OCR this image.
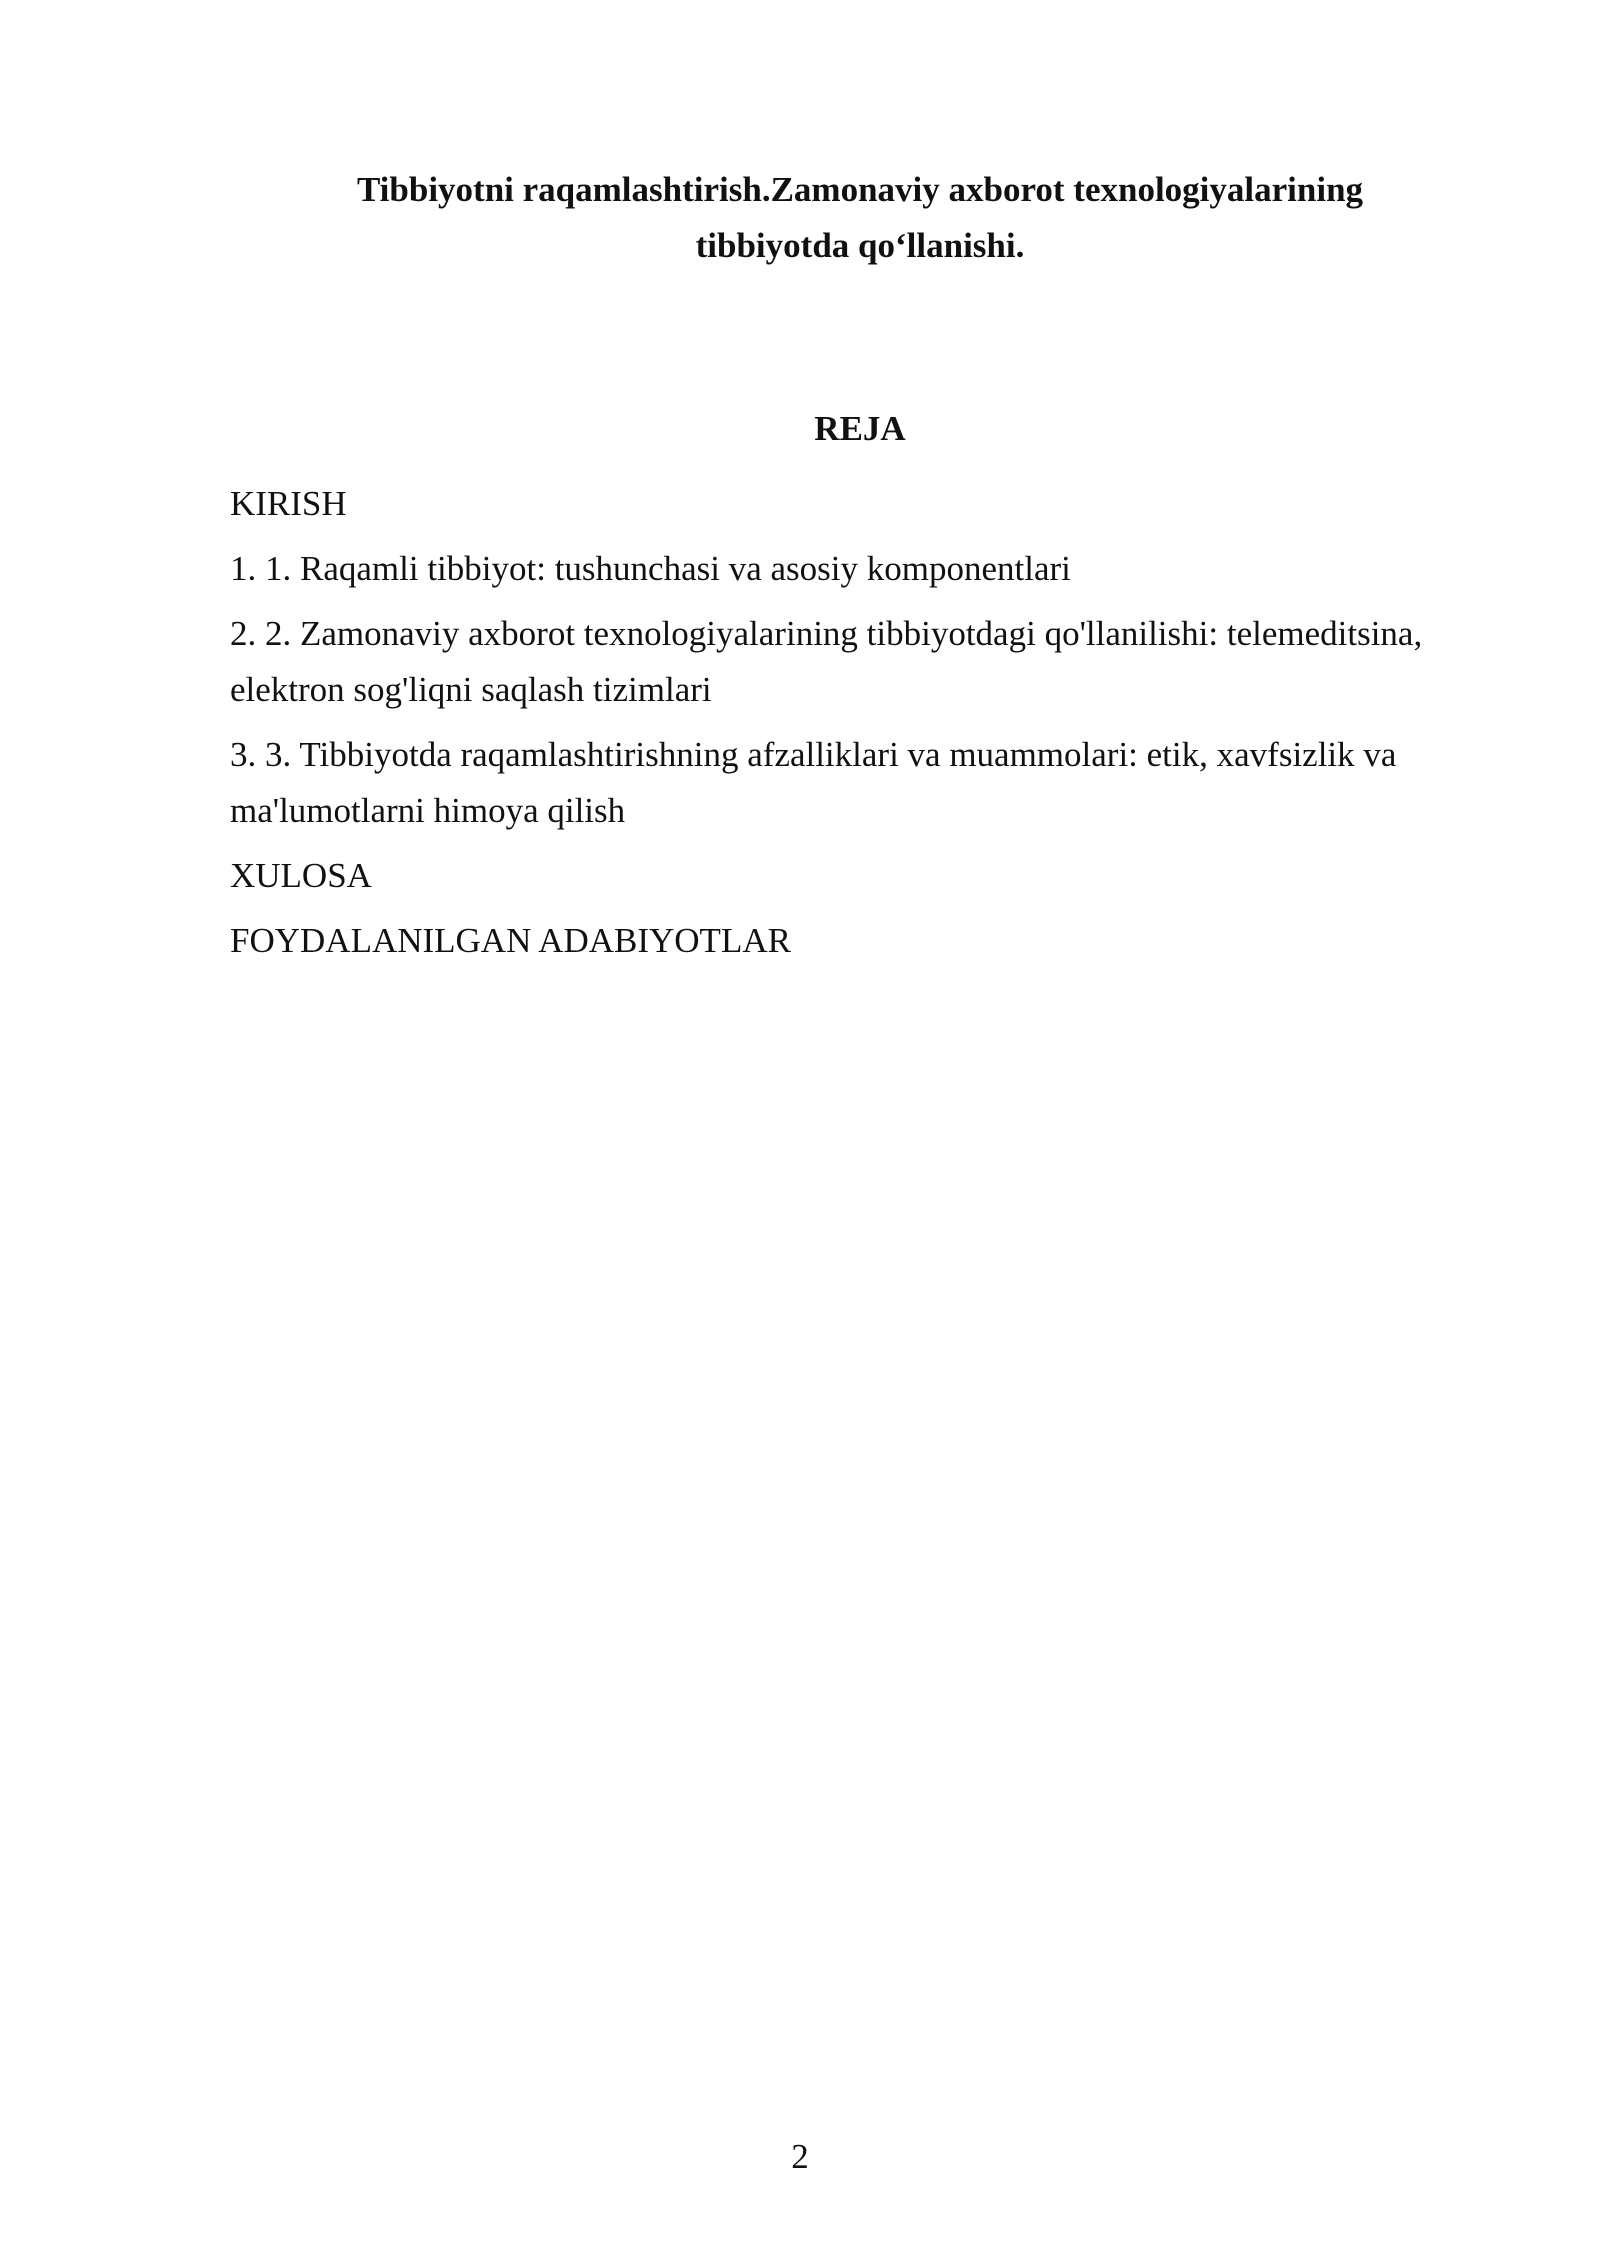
Tibbiyotni raqamlashtirish.Zamonaviy axborot texnologiyalarining
tibbiyotda qo‘llanishi.
REJA
KIRISH
1. 1. Raqamli tibbiyot: tushunchasi va asosiy komponentlari
2. 2. Zamonaviy axborot texnologiyalarining tibbiyotdagi qo'llanilishi: telemeditsina, elektron sog'liqni saqlash tizimlari
3. 3. Tibbiyotda raqamlashtirishning afzalliklari va muammolari: etik, xavfsizlik va ma'lumotlarni himoya qilish
XULOSA
FOYDALANILGAN ADABIYOTLAR
2
